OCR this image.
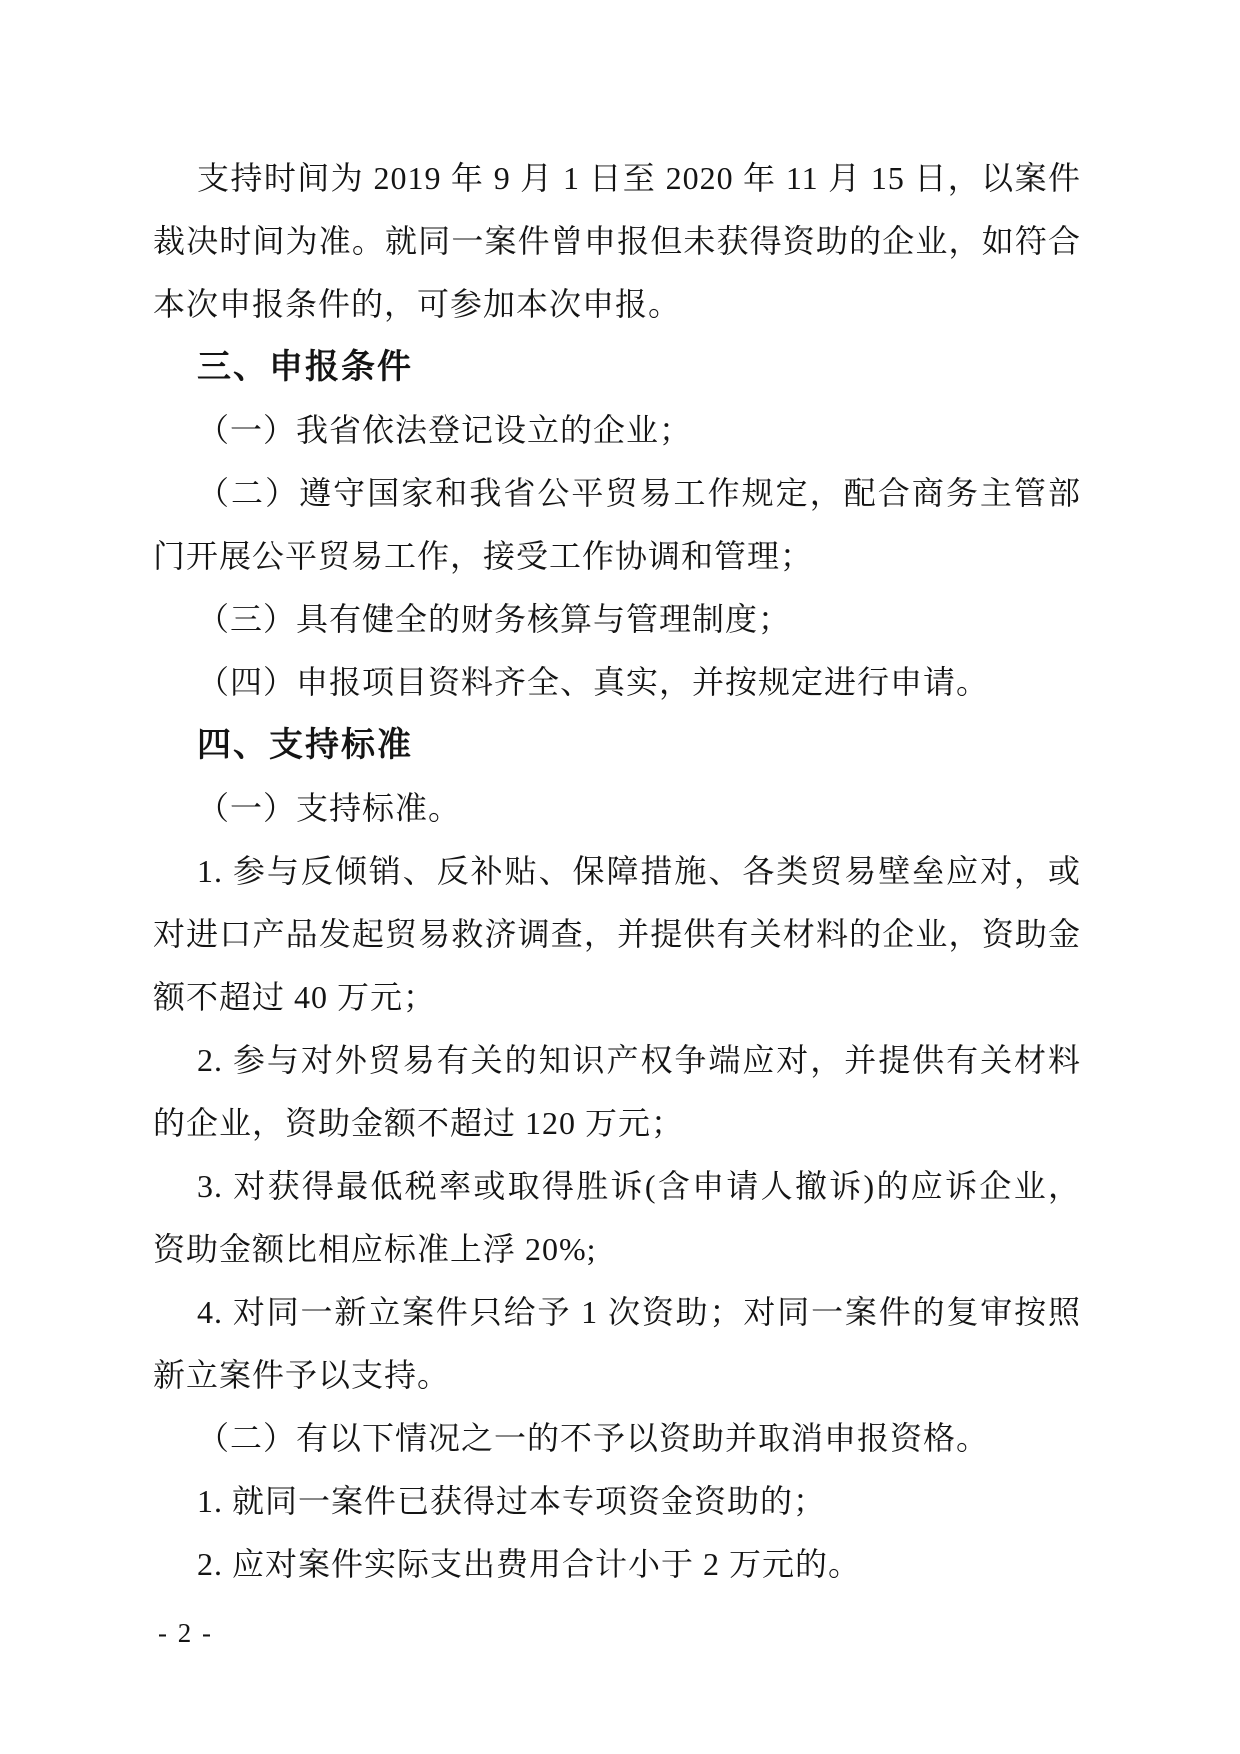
支持时间为 2019 年 9 月 1 日至 2020 年 11 月 15 日，以案件
裁决时间为准。就同一案件曾申报但未获得资助的企业，如符合
本次申报条件的，可参加本次申报。

三、申报条件

（一）我省依法登记设立的企业；

（二）遵守国家和我省公平贸易工作规定，配合商务主管部
门开展公平贸易工作，接受工作协调和管理；

（三）具有健全的财务核算与管理制度；

（四）申报项目资料齐全、真实，并按规定进行申请。

四、支持标准

（一）支持标准。

1. 参与反倾销、反补贴、保障措施、各类贸易壁垒应对，或
对进口产品发起贸易救济调查，并提供有关材料的企业，资助金
额不超过 40 万元；

2. 参与对外贸易有关的知识产权争端应对，并提供有关材料
的企业，资助金额不超过 120 万元；

3. 对获得最低税率或取得胜诉(含申请人撤诉)的应诉企业，
资助金额比相应标准上浮 20%;

4. 对同一新立案件只给予 1 次资助；对同一案件的复审按照
新立案件予以支持。

（二）有以下情况之一的不予以资助并取消申报资格。

1. 就同一案件已获得过本专项资金资助的；

2. 应对案件实际支出费用合计小于 2 万元的。

- 2 -
